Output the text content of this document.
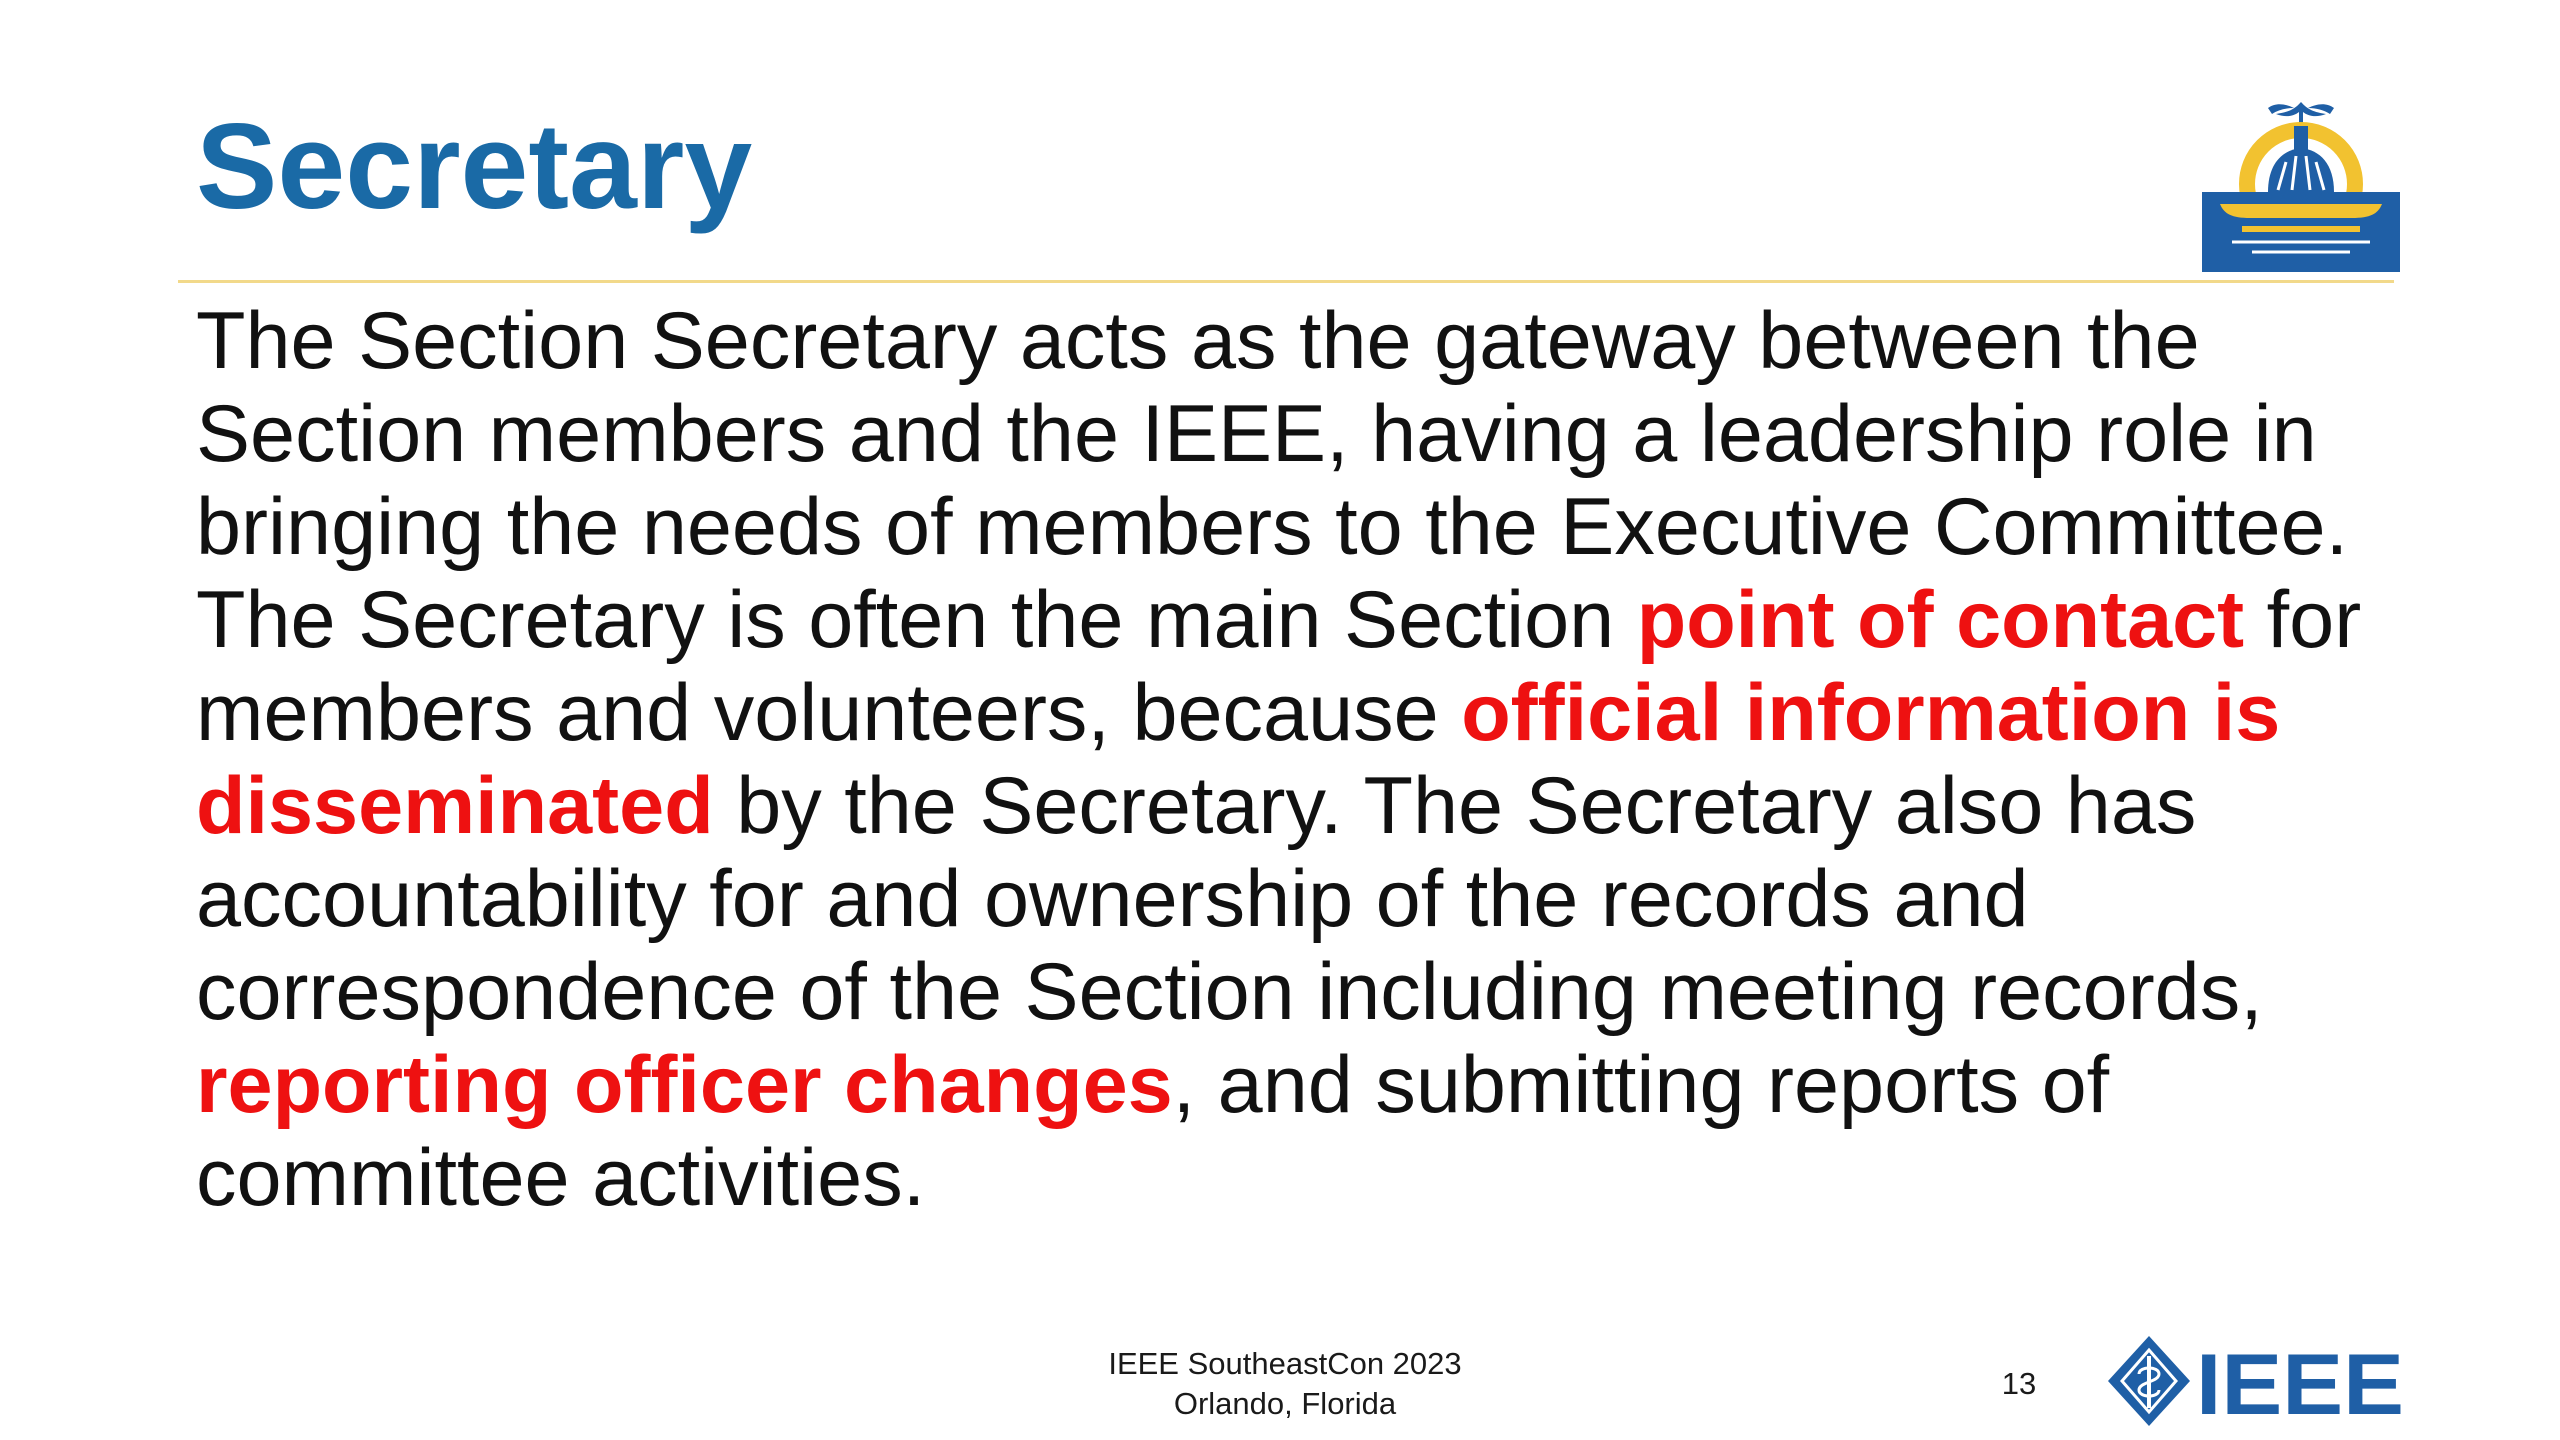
Secretary

The Section Secretary acts as the gateway between the Section members and the IEEE, having a leadership role in bringing the needs of members to the Executive Committee. The Secretary is often the main Section point of contact for members and volunteers, because official information is disseminated by the Secretary. The Secretary also has accountability for and ownership of the records and correspondence of the Section including meeting records, reporting officer changes, and submitting reports of committee activities.

IEEE SoutheastCon 2023
Orlando, Florida
13 IEEE
